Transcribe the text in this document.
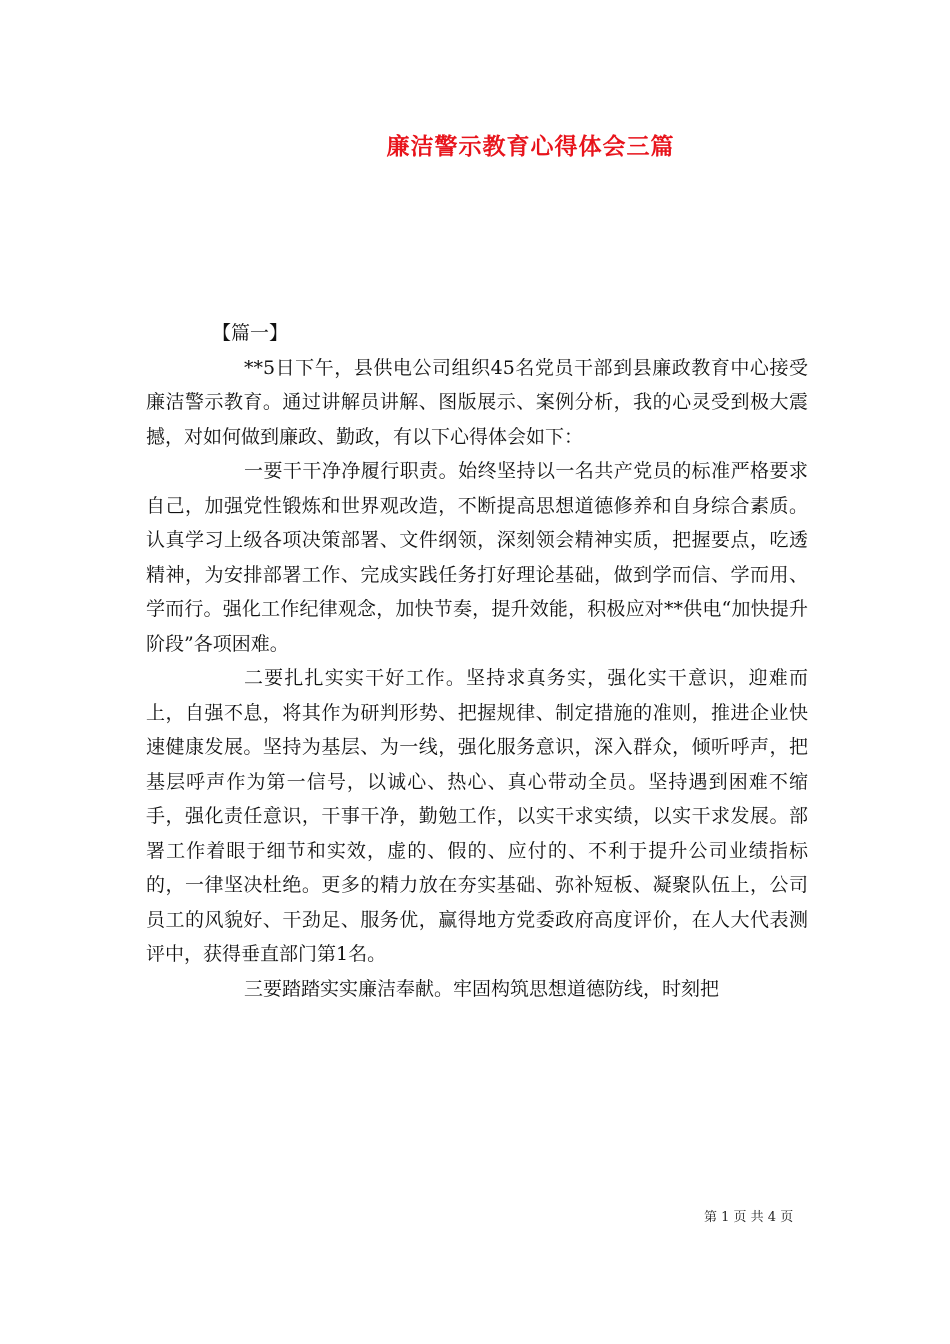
廉洁警示教育心得体会三篇

【篇一】

**5日下午，县供电公司组织45名党员干部到县廉政教育中心接受廉洁警示教育。通过讲解员讲解、图版展示、案例分析，我的心灵受到极大震撼，对如何做到廉政、勤政，有以下心得体会如下：

一要干干净净履行职责。始终坚持以一名共产党员的标准严格要求自己，加强党性锻炼和世界观改造，不断提高思想道德修养和自身综合素质。认真学习上级各项决策部署、文件纲领，深刻领会精神实质，把握要点，吃透精神，为安排部署工作、完成实践任务打好理论基础，做到学而信、学而用、学而行。强化工作纪律观念，加快节奏，提升效能，积极应对**供电“加快提升阶段”各项困难。

二要扎扎实实干好工作。坚持求真务实，强化实干意识，迎难而上，自强不息，将其作为研判形势、把握规律、制定措施的准则，推进企业快速健康发展。坚持为基层、为一线，强化服务意识，深入群众，倾听呼声，把基层呼声作为第一信号，以诚心、热心、真心带动全员。坚持遇到困难不缩手，强化责任意识，干事干净，勤勉工作，以实干求实绩，以实干求发展。部署工作着眼于细节和实效，虚的、假的、应付的、不利于提升公司业绩指标的，一律坚决杜绝。更多的精力放在夯实基础、弥补短板、凝聚队伍上，公司员工的风貌好、干劲足、服务优，赢得地方党委政府高度评价，在人大代表测评中，获得垂直部门第1名。

三要踏踏实实廉洁奉献。牢固构筑思想道德防线，时刻把

第 1 页 共 4 页
